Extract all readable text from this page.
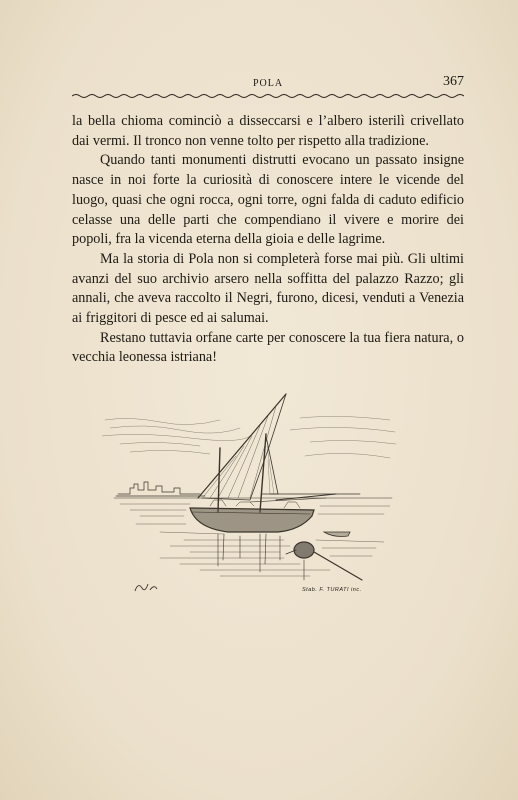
POLA	367

la bella chioma cominciò a disseccarsi e l’albero isterilì crivellato dai vermi. Il tronco non venne tolto per rispetto alla tradizione.

Quando tanti monumenti distrutti evocano un passato insigne nasce in noi forte la curiosità di conoscere intere le vicende del luogo, quasi che ogni rocca, ogni torre, ogni falda di caduto edificio celasse una delle parti che compendiano il vivere e morire dei popoli, fra la vicenda eterna della gioia e delle lagrime.

Ma la storia di Pola non si completerà forse mai più. Gli ultimi avanzi del suo archivio arsero nella soffitta del palazzo Razzo; gli annali, che aveva raccolto il Negri, furono, dicesi, venduti a Venezia ai friggitori di pesce ed ai salumai.

Restano tuttavia orfane carte per conoscere la tua fiera natura, o vecchia leonessa istriana!

Stab. F. TURATI inc.
